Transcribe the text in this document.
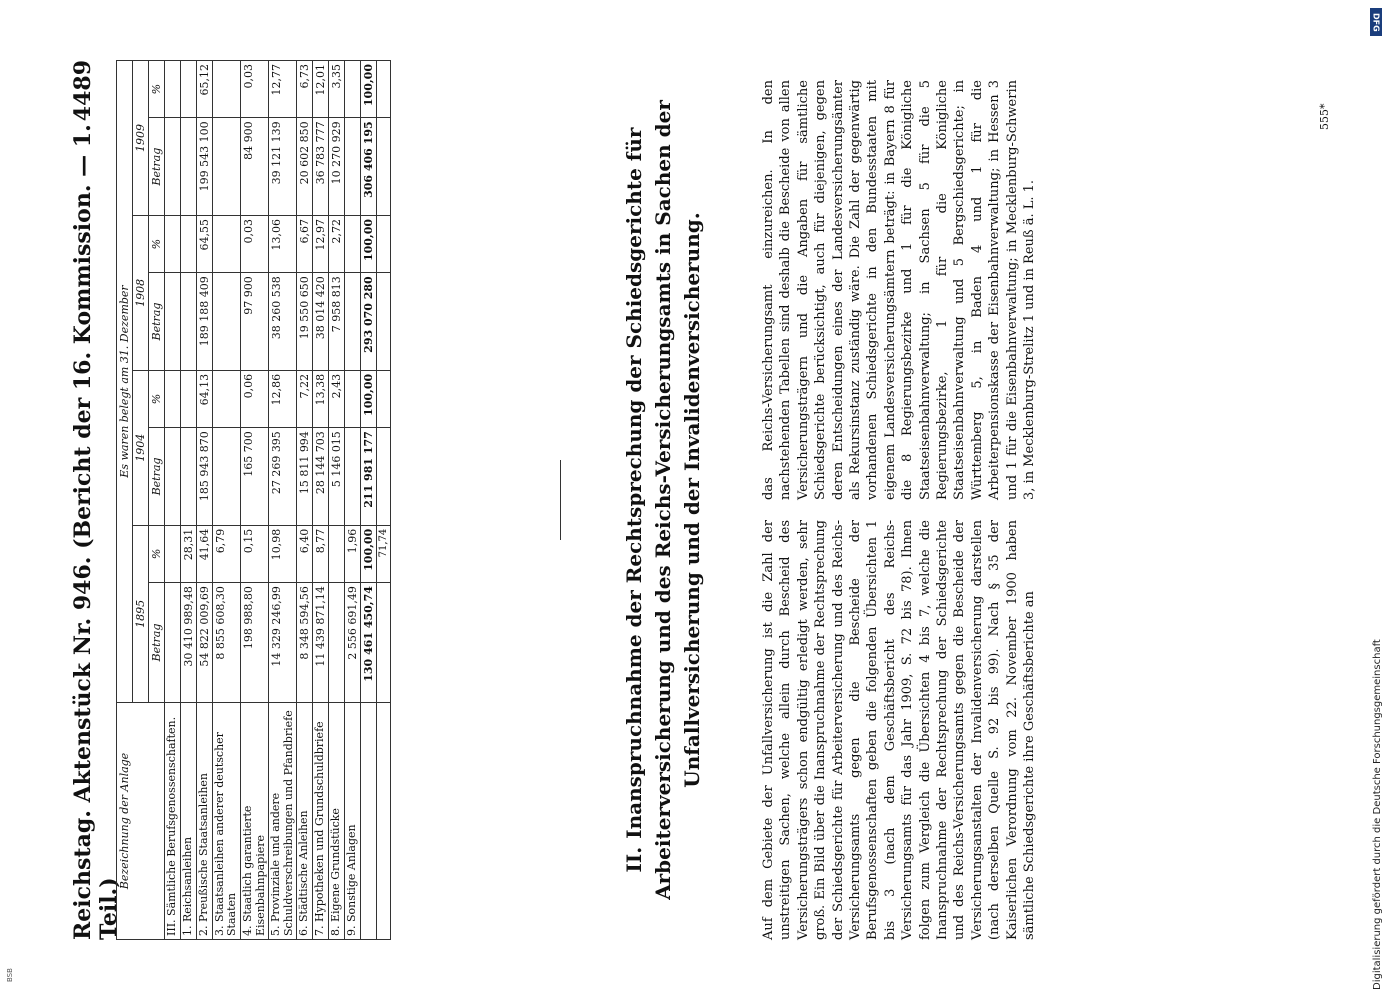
Reichstag. Aktenstück Nr. 946. (Bericht der 16. Kommission. — 1. Teil.)
4489
Bezeichnung der Anlage	Es waren belegt am 31. Dezember							
	1895		1904		1908		1909	
	Betrag	%	Betrag	%	Betrag	%	Betrag	%
III. Sämtliche Berufsgenossenschaften.								
1. Reichsanleihen	30 410 989,48	28,31						
2. Preußische Staatsanleihen	54 822 009,69	41,64	185 943 870	64,13	189 188 409	64,55	199 543 100	65,12
3. Staatsanleihen anderer deutscher Staaten	8 855 608,30	6,79						
4. Staatlich garantierte Eisenbahnpapiere	198 988,80	0,15	165 700	0,06	97 900	0,03	84 900	0,03
5. Provinziale und andere Schuldverschreibungen und Pfandbriefe	14 329 246,99	10,98	27 269 395	12,86	38 260 538	13,06	39 121 139	12,77
6. Städtische Anleihen	8 348 594,56	6,40	15 811 994	7,22	19 550 650	6,67	20 602 850	6,73
7. Hypotheken und Grundschuldbriefe	11 439 871,14	8,77	28 144 703	13,38	38 014 420	12,97	36 783 777	12,01
8. Eigene Grundstücke			5 146 015	2,43	7 958 813	2,72	10 270 929	3,35
9. Sonstige Anlagen	2 556 691,49	1,96						
	130 461 450,74	100,00	211 981 177	100,00	293 070 280	100,00	306 406 195	100,00
		71,74						
II.Inanspruchnahme der Rechtsprechung der Schiedsgerichte für Arbeiterversicherung und des Reichs-Versicherungsamts in Sachen der Unfallversicherung und der Invalidenversicherung.	Auf dem Gebiete der Unfallversicherung ist die Zahl der unstreitigen Sachen, welche allein durch Bescheid des Versicherungsträgers schon endgültig erledigt werden, sehr groß. Ein Bild über die Inanspruchnahme der Rechtsprechung der Schiedsgerichte für Arbeiterversicherung und des Reichs-Versicherungsamts gegen die Bescheide der Berufsgenossenschaften geben die folgenden Übersichten 1 bis 3 (nach dem Geschäftsbericht des Reichs-Versicherungsamts für das Jahr 1909, S. 72 bis 78). Ihnen folgen zum Vergleich die Übersichten 4 bis 7, welche die Inanspruchnahme der Rechtsprechung der Schiedsgerichte und des Reichs-Versicherungsamts gegen die Bescheide der Versicherungsanstalten der Invalidenversicherung darstellen (nach derselben Quelle S. 92 bis 99). Nach § 35 der Kaiserlichen Verordnung vom 22. November 1900 haben sämtliche Schiedsgerichte ihre Geschäftsberichte an
das Reichs-Versicherungsamt einzureichen. In den nachstehenden Tabellen sind deshalb die Bescheide von allen Versicherungsträgern und die Angaben für sämtliche Schiedsgerichte berücksichtigt, auch für diejenigen, gegen deren Entscheidungen eines der Landesversicherungsämter als Rekursinstanz zuständig wäre. Die Zahl der gegenwärtig vorhandenen Schiedsgerichte in den Bundesstaaten mit eigenem Landesversicherungsämtern beträgt: in Bayern 8 für die 8 Regierungsbezirke und 1 für die Königliche Staatseisenbahnverwaltung; in Sachsen 5 für die 5 Regierungsbezirke, 1 für die Königliche Staatseisenbahnverwaltung und 5 Bergschiedsgerichte; in Württemberg 5, in Baden 4 und 1 für die Arbeiterpensionskasse der Eisenbahnverwaltung; in Hessen 3 und 1 für die Eisenbahnverwaltung; in Mecklenburg-Schwerin 3, in Mecklenburg-Strelitz 1 und in Reuß ä. L. 1.
BSB
DFG
Digitalisierung gefördert durch die Deutsche Forschungsgemeinschaft
555*
